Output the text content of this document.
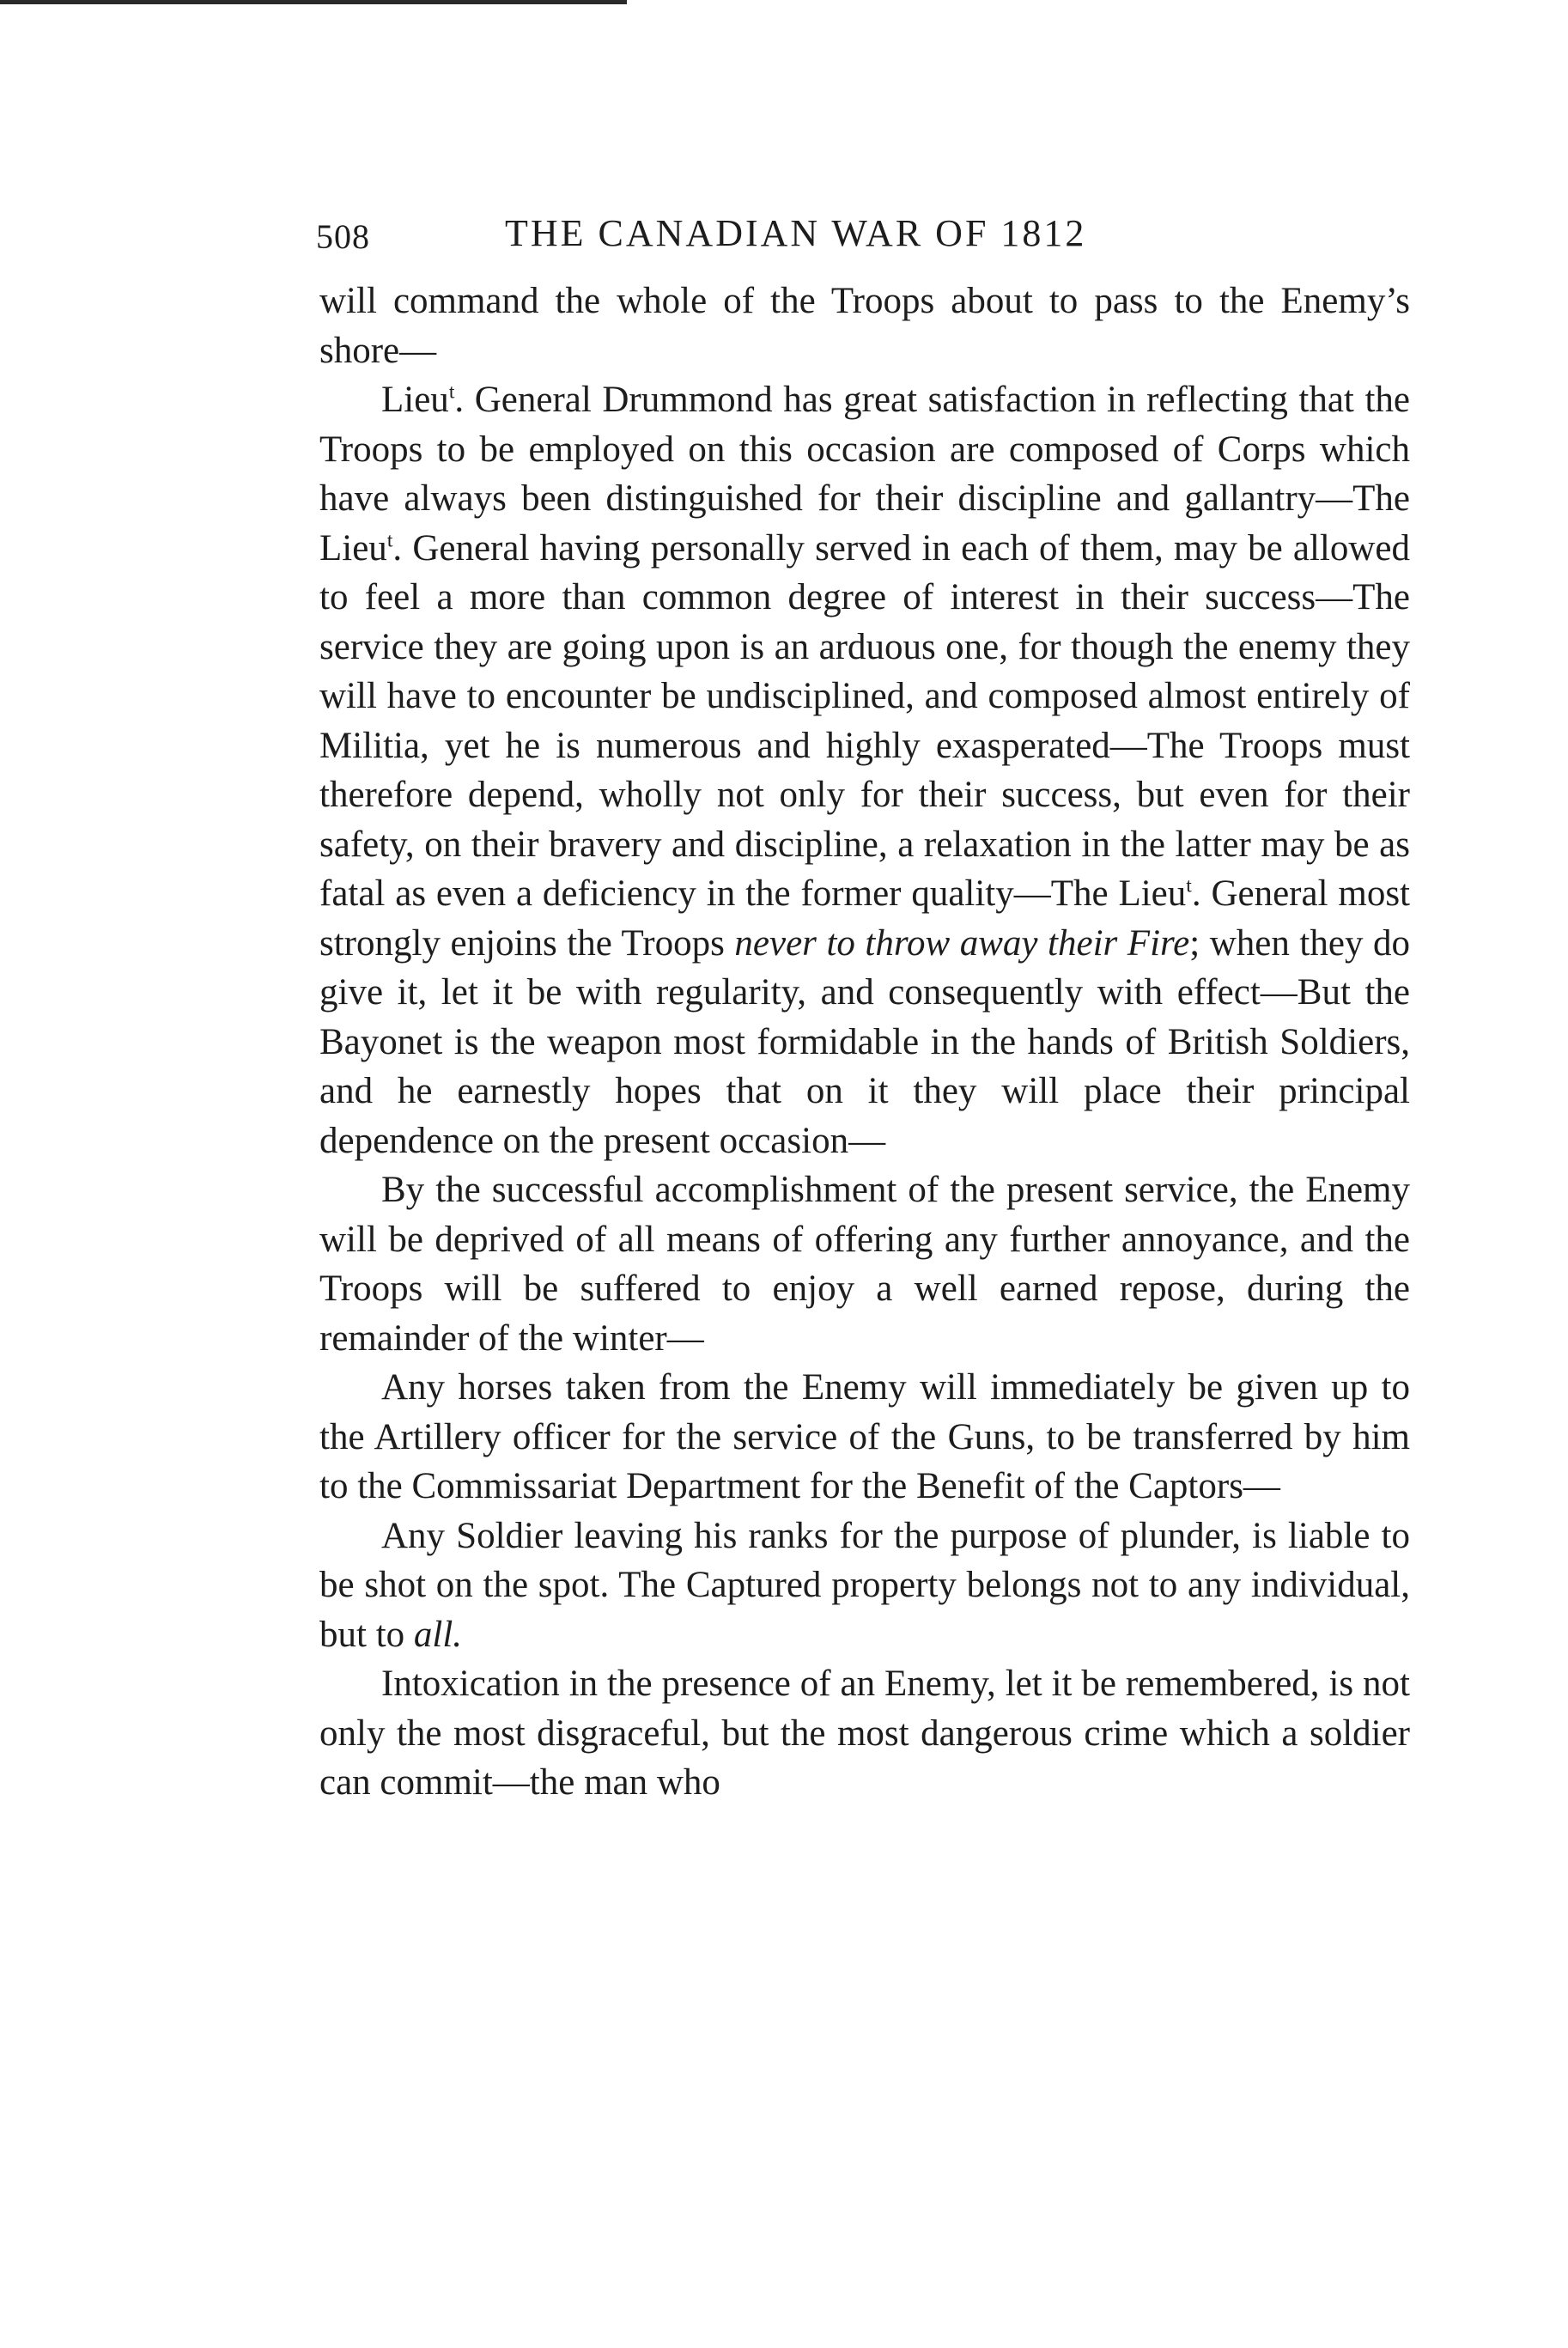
508	THE CANADIAN WAR OF 1812

will command the whole of the Troops about to pass to the Enemy’s shore—

Lieu$^t$. General Drummond has great satisfaction in reflecting that the Troops to be employed on this occasion are composed of Corps which have always been distinguished for their discipline and gallantry—The Lieu$^t$. General having personally served in each of them, may be allowed to feel a more than common degree of interest in their success—The service they are going upon is an arduous one, for though the enemy they will have to encounter be undisciplined, and composed almost entirely of Militia, yet he is numerous and highly exasperated—The Troops must therefore depend, wholly not only for their success, but even for their safety, on their bravery and discipline, a relaxation in the latter may be as fatal as even a deficiency in the former quality—The Lieu$^t$. General most strongly enjoins the Troops never to throw away their Fire; when they do give it, let it be with regularity, and consequently with effect—But the Bayonet is the weapon most formidable in the hands of British Soldiers, and he earnestly hopes that on it they will place their principal dependence on the present occasion—

By the successful accomplishment of the present service, the Enemy will be deprived of all means of offering any further annoyance, and the Troops will be suffered to enjoy a well earned repose, during the remainder of the winter—

Any horses taken from the Enemy will immediately be given up to the Artillery officer for the service of the Guns, to be transferred by him to the Commissariat Department for the Benefit of the Captors—

Any Soldier leaving his ranks for the purpose of plunder, is liable to be shot on the spot. The Captured property belongs not to any individual, but to all.

Intoxication in the presence of an Enemy, let it be remembered, is not only the most disgraceful, but the most dangerous crime which a soldier can commit—the man who
